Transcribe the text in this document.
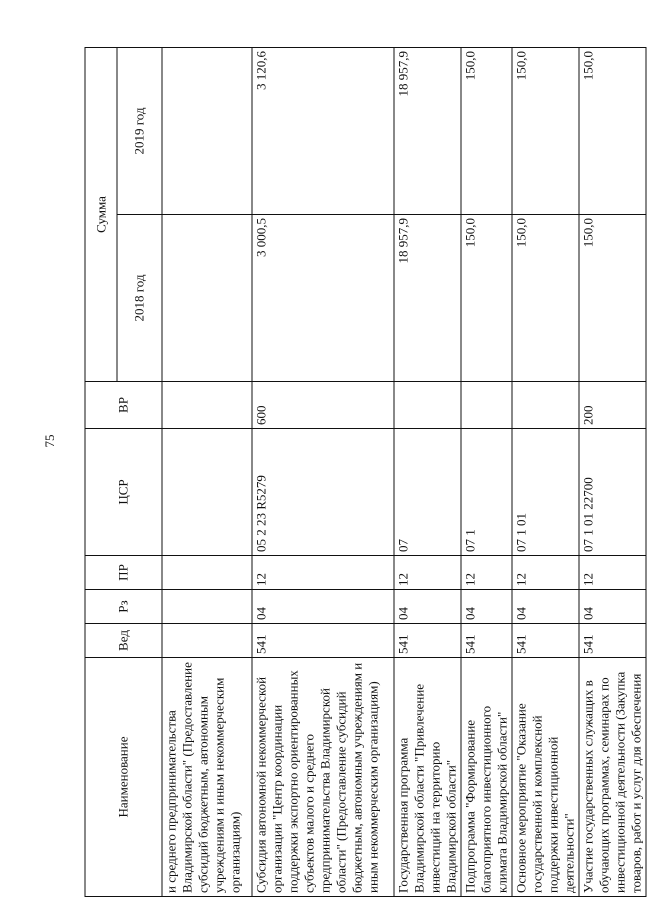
75
Наименование	Вед	Рз	ПР	ЦСР	ВР	Сумма	
						2018 год	2019 год
и среднего предпринимательства Владимирской области" (Предоставление субсидий бюджетным, автономным учреждениям и иным некоммерческим организациям)							
Субсидия автономной некоммерческой организации "Центр координации поддержки экспортно ориентированных субъектов малого и среднего предпринимательства Владимирской области" (Предоставление субсидий бюджетным, автономным учреждениям и иным некоммерческим организациям)	541	04	12	05 2 23 R5279	600	3 000,5	3 120,6
Государственная программа Владимирской области "Привлечение инвестиций на территорию Владимирской области"	541	04	12	07		18 957,9	18 957,9
Подпрограмма "Формирование благоприятного инвестиционного климата Владимирской области"	541	04	12	07 1		150,0	150,0
Основное мероприятие "Оказание государственной и комплексной поддержки инвестиционной деятельности"	541	04	12	07 1 01		150,0	150,0
Участие государственных служащих в обучающих программах, семинарах по инвестиционной деятельности (Закупка товаров, работ и услуг для обеспечения	541	04	12	07 1 01 22700	200	150,0	150,0
